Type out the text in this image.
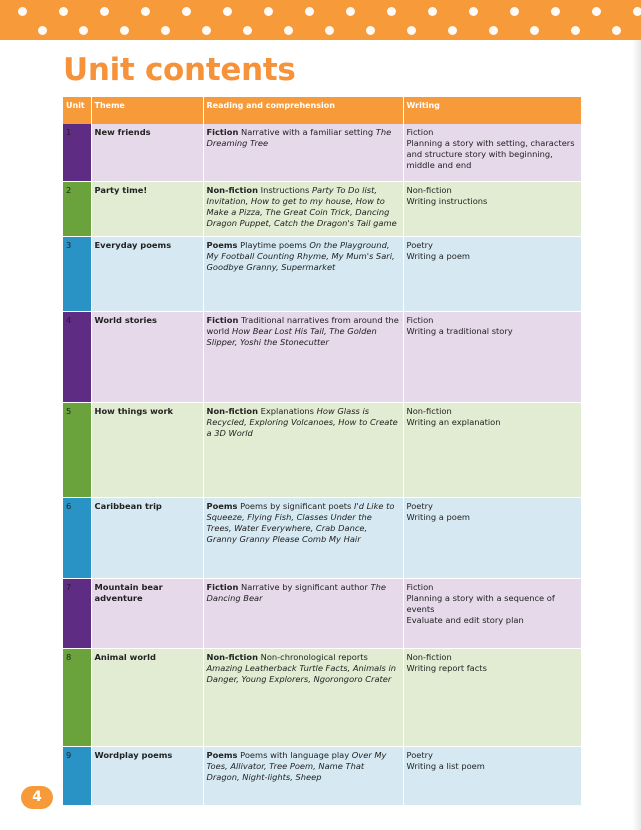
Unit contents
Unit	Theme	Reading and comprehension	Writing
1	New friends	Fiction Narrative with a familiar setting The Dreaming Tree	Fiction
Planning a story with setting, characters and structure story with beginning, middle and end

2	Party time!	Non-fiction Instructions Party To Do list, Invitation, How to get to my house, How to Make a Pizza, The Great Coin Trick, Dancing Dragon Puppet, Catch the Dragon's Tail game	Non-fiction
Writing instructions

3	Everyday poems	Poems Playtime poems On the Playground, My Football Counting Rhyme, My Mum's Sari, Goodbye Granny, Supermarket	Poetry
Writing a poem

4	World stories	Fiction Traditional narratives from around the world How Bear Lost His Tail, The Golden Slipper, Yoshi the Stonecutter	Fiction
Writing a traditional story

5	How things work	Non-fiction Explanations How Glass is Recycled, Exploring Volcanoes, How to Create a 3D World	Non-fiction
Writing an explanation

6	Caribbean trip	Poems Poems by significant poets I'd Like to Squeeze, Flying Fish, Classes Under the Trees, Water Everywhere, Crab Dance, Granny Granny Please Comb My Hair	Poetry
Writing a poem

7	Mountain bear adventure	Fiction Narrative by significant author The Dancing Bear	Fiction
Planning a story with a sequence of events
Evaluate and edit story plan

8	Animal world	Non-fiction Non-chronological reports Amazing Leatherback Turtle Facts, Animals in Danger, Young Explorers, Ngorongoro Crater	Non-fiction
Writing report facts

9	Wordplay poems	Poems Poems with language play Over My Toes, Allivator, Tree Poem, Name That Dragon, Night-lights, Sheep	Poetry
Writing a list poem
4
